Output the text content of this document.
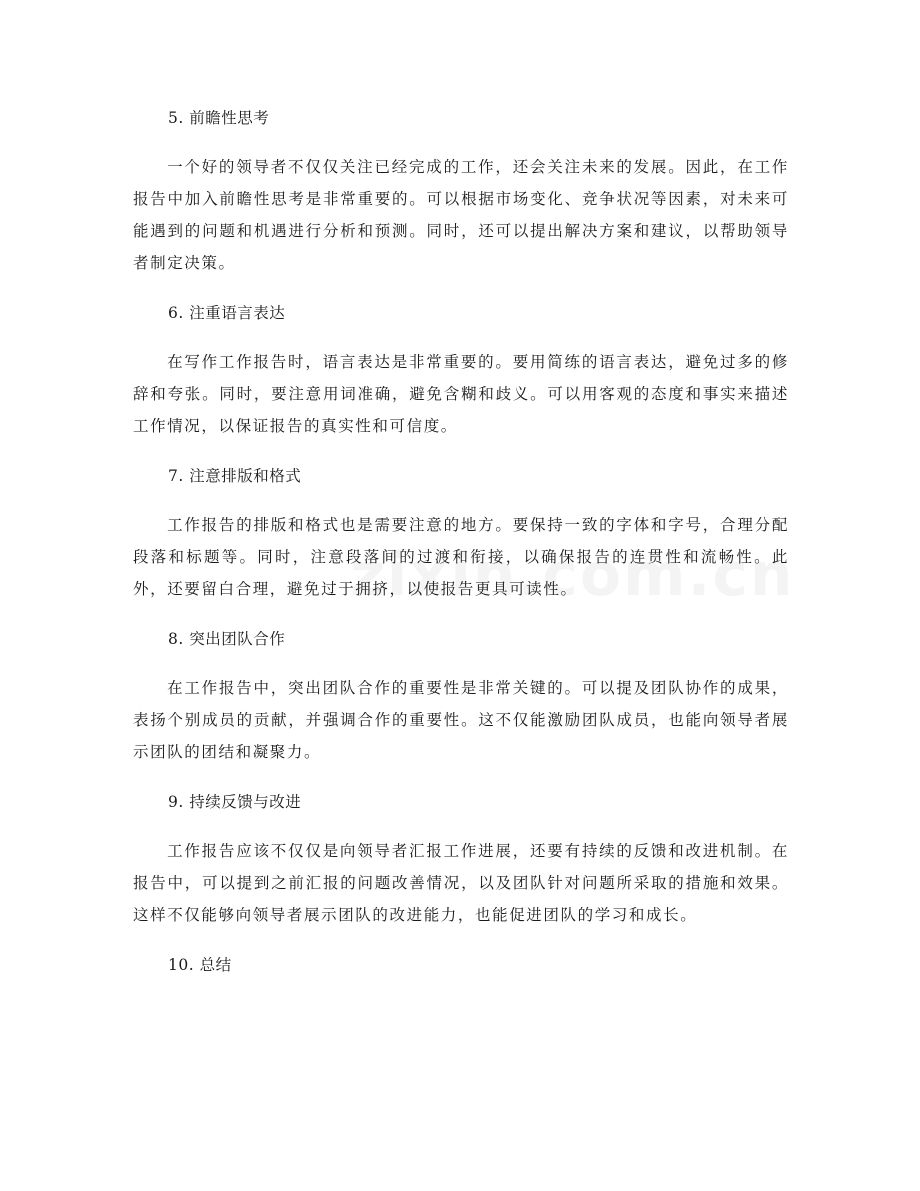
5. 前瞻性思考

一个好的领导者不仅仅关注已经完成的工作，还会关注未来的发展。因此，在工作报告中加入前瞻性思考是非常重要的。可以根据市场变化、竞争状况等因素，对未来可能遇到的问题和机遇进行分析和预测。同时，还可以提出解决方案和建议，以帮助领导者制定决策。

6. 注重语言表达

在写作工作报告时，语言表达是非常重要的。要用简练的语言表达，避免过多的修辞和夸张。同时，要注意用词准确，避免含糊和歧义。可以用客观的态度和事实来描述工作情况，以保证报告的真实性和可信度。

7. 注意排版和格式

工作报告的排版和格式也是需要注意的地方。要保持一致的字体和字号，合理分配段落和标题等。同时，注意段落间的过渡和衔接，以确保报告的连贯性和流畅性。此外，还要留白合理，避免过于拥挤，以使报告更具可读性。

8. 突出团队合作

在工作报告中，突出团队合作的重要性是非常关键的。可以提及团队协作的成果，表扬个别成员的贡献，并强调合作的重要性。这不仅能激励团队成员，也能向领导者展示团队的团结和凝聚力。

9. 持续反馈与改进

工作报告应该不仅仅是向领导者汇报工作进展，还要有持续的反馈和改进机制。在报告中，可以提到之前汇报的问题改善情况，以及团队针对问题所采取的措施和效果。这样不仅能够向领导者展示团队的改进能力，也能促进团队的学习和成长。

10. 总结
